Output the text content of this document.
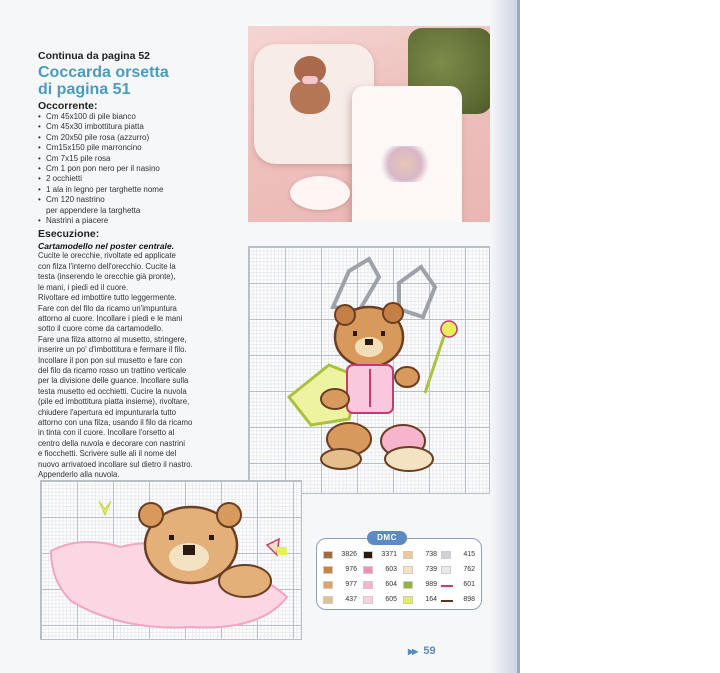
Continua da pagina 52
Coccarda orsetta
di pagina 51
Occorrente:
• Cm 45x100 di pile bianco
• Cm 45x30 imbottitura piatta
• Cm 20x50 pile rosa (azzurro)
• Cm15x150 pile marroncino
• Cm 7x15 pile rosa
• Cm 1 pon pon nero per il nasino
• 2 occhietti
• 1 ala in legno per targhette nome
• Cm 120 nastrino
per appendere la targhetta
• Nastrini a piacere
Esecuzione:
Cartamodello nel poster centrale.
Cucite le orecchie, rivoltate ed applicate
con filza l'interno dell'orecchio. Cucite la
testa (inserendo le orecchie già pronte),
le mani, i piedi ed il cuore.
Rivoltare ed imbottire tutto leggermente.
Fare con del filo da ricamo un'impuntura
attorno al cuore. Incollare i piedi e le mani
sotto il cuore come da cartamodello.
Fare una filza attorno al musetto, stringere,
inserire un po' d'imbottitura e fermare il filo.
Incollare il pon pon sul musetto e fare con
del filo da ricamo rosso un trattino verticale
per la divisione delle guance. Incollare sulla
testa musetto ed occhietti. Cucire la nuvola
(pile ed imbottitura piatta insieme), rivoltare,
chiudere l'apertura ed impunturarla tutto
attorno con una filza, usando il filo da ricamo
in tinta con il cuore. Incollare l'orsetto al
centro della nuvola e decorare con nastrini
e fiocchetti. Scrivere sulle ali il nome del
nuovo arrivatoed incollare sul dietro il nastro.
Appenderlo alla nuvola.
DMC
3826	3371	738	415
976	603	739	762
977	604	989	601
437	605	164	898
▶▶ 59
